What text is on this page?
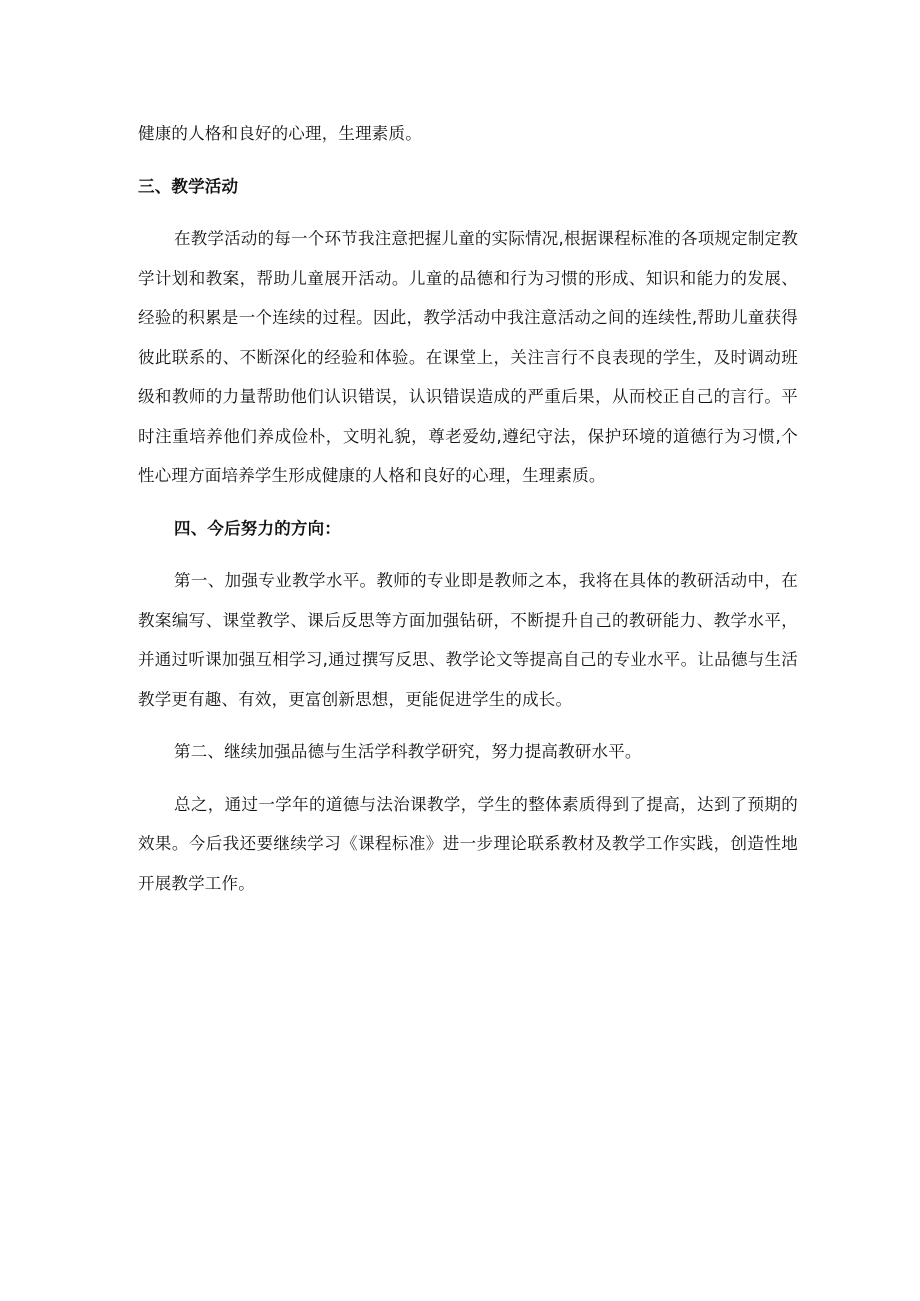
健康的人格和良好的心理，生理素质。

三、教学活动

在教学活动的每一个环节我注意把握儿童的实际情况,根据课程标准的各项规定制定教学计划和教案，帮助儿童展开活动。儿童的品德和行为习惯的形成、知识和能力的发展、经验的积累是一个连续的过程。因此，教学活动中我注意活动之间的连续性,帮助儿童获得彼此联系的、不断深化的经验和体验。在课堂上，关注言行不良表现的学生，及时调动班级和教师的力量帮助他们认识错误，认识错误造成的严重后果，从而校正自己的言行。平时注重培养他们养成俭朴，文明礼貌，尊老爱幼,遵纪守法，保护环境的道德行为习惯,个性心理方面培养学生形成健康的人格和良好的心理，生理素质。

四、今后努力的方向：

第一、加强专业教学水平。教师的专业即是教师之本，我将在具体的教研活动中，在教案编写、课堂教学、课后反思等方面加强钻研，不断提升自己的教研能力、教学水平，并通过听课加强互相学习,通过撰写反思、教学论文等提高自己的专业水平。让品德与生活教学更有趣、有效，更富创新思想，更能促进学生的成长。

第二、继续加强品德与生活学科教学研究，努力提高教研水平。

总之，通过一学年的道德与法治课教学，学生的整体素质得到了提高，达到了预期的效果。今后我还要继续学习《课程标准》进一步理论联系教材及教学工作实践，创造性地开展教学工作。
